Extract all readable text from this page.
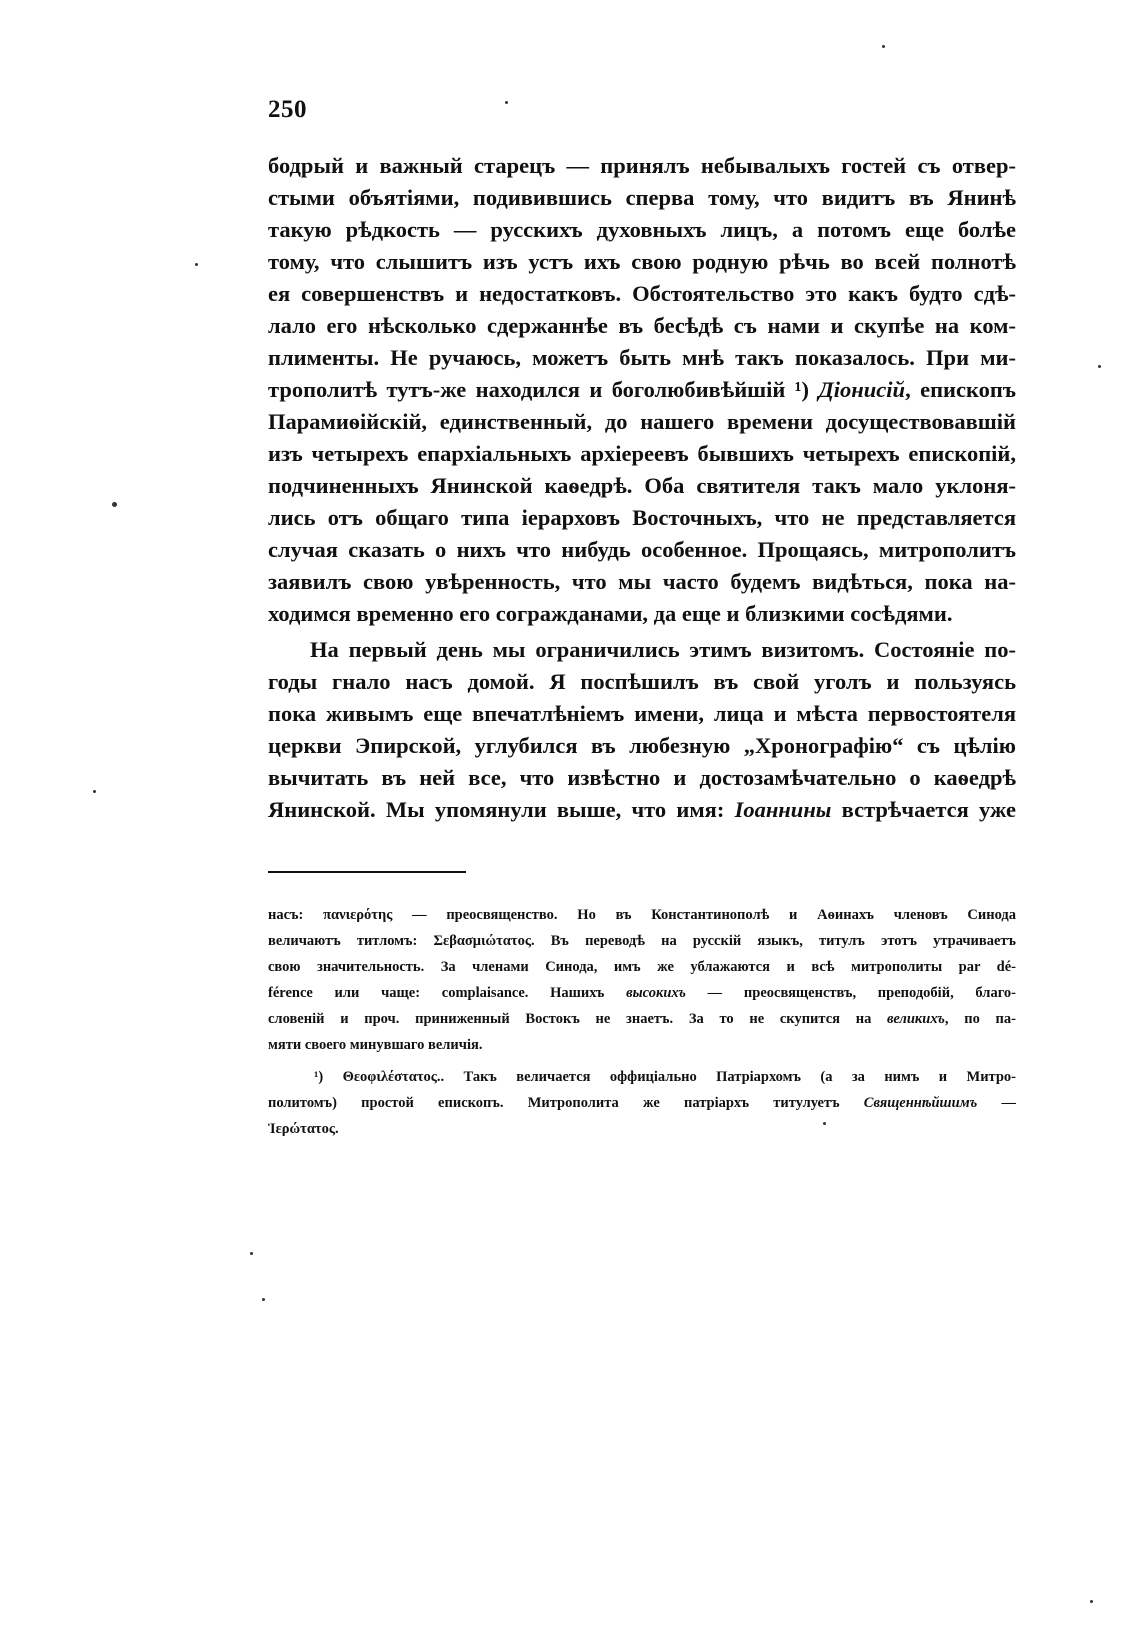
250
бодрый и важный старецъ — принялъ небывалыхъ гостей съ отвер-
стыми объятіями, подивившись сперва тому, что видитъ въ Янинѣ
такую рѣдкость — русскихъ духовныхъ лицъ, а потомъ еще болѣе
тому, что слышитъ изъ устъ ихъ свою родную рѣчь во всей полнотѣ
ея совершенствъ и недостатковъ. Обстоятельство это какъ будто сдѣ-
лало его нѣсколько сдержаннѣе въ бесѣдѣ съ нами и скупѣе на ком-
плименты. Не ручаюсь, можетъ быть мнѣ такъ показалось. При ми-
трополитѣ тутъ-же находился и боголюбивѣйшій ¹) Діонисій, епископъ
Парамиѳійскій, единственный, до нашего времени досуществовавшій
изъ четырехъ епархіальныхъ архіереевъ бывшихъ четырехъ епископій,
подчиненныхъ Янинской каѳедрѣ. Оба святителя такъ мало уклоня-
лись отъ общаго типа іерарховъ Восточныхъ, что не представляется
случая сказать о нихъ что нибудь особенное. Прощаясь, митрополитъ
заявилъ свою увѣренность, что мы часто будемъ видѣться, пока на-
ходимся временно его согражданами, да еще и близкими сосѣдями.
На первый день мы ограничились этимъ визитомъ. Состояніе по-
годы гнало насъ домой. Я поспѣшилъ въ свой уголъ и пользуясь
пока живымъ еще впечатлѣніемъ имени, лица и мѣста первостоятеля
церкви Эпирской, углубился въ любезную „Хронографію“ съ цѣлію
вычитать въ ней все, что извѣстно и достозамѣчательно о каѳедрѣ
Янинской. Мы упомянули выше, что имя: Іоаннины встрѣчается уже
насъ: πανιερότης — преосвященство. Но въ Константинополѣ и Аѳинахъ членовъ Синода
величаютъ титломъ: Σεβασμιώτατος. Въ переводѣ на русскій языкъ, титулъ этотъ утрачиваетъ
свою значительность. За членами Синода, имъ же ублажаются и всѣ митрополиты par dé-
férence или чаще: complaisance. Нашихъ высокихъ — преосвященствъ, преподобій, благо-
словеній и проч. приниженный Востокъ не знаетъ. За то не скупится на великихъ, по па-
мяти своего минувшаго величія.
¹) Θεοφιλέστατος.. Такъ величается оффиціально Патріархомъ (а за нимъ и Митро-
политомъ) простой епископъ. Митрополита же патріархъ титулуетъ Священнѣйшимъ —
Ἱερώτατος.
